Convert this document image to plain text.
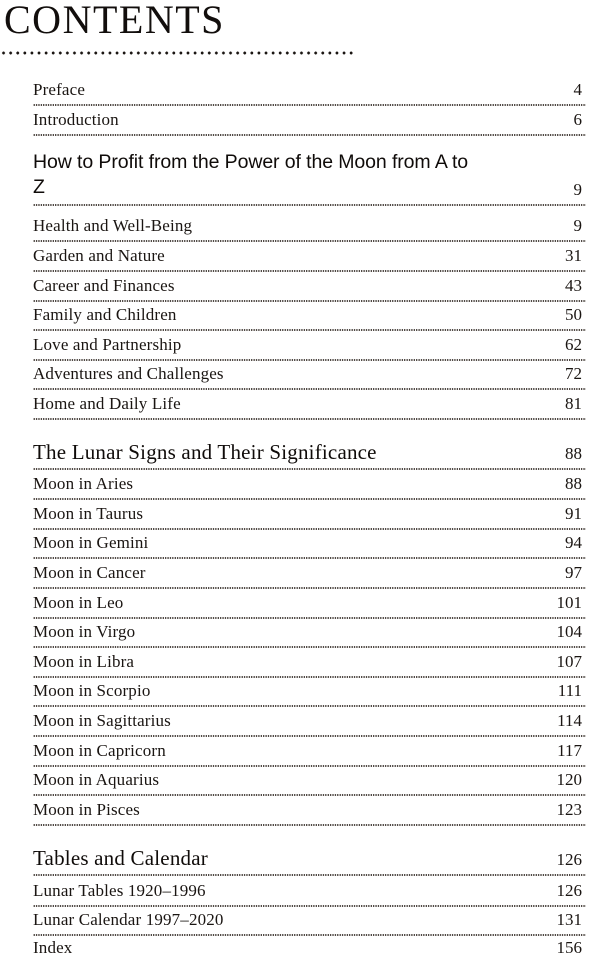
CONTENTS
Preface	4
Introduction	6
How to Profit from the Power of the Moon from A to Z	9
Health and Well-Being	9
Garden and Nature	31
Career and Finances	43
Family and Children	50
Love and Partnership	62
Adventures and Challenges	72
Home and Daily Life	81
The Lunar Signs and Their Significance	88
Moon in Aries	88
Moon in Taurus	91
Moon in Gemini	94
Moon in Cancer	97
Moon in Leo	101
Moon in Virgo	104
Moon in Libra	107
Moon in Scorpio	111
Moon in Sagittarius	114
Moon in Capricorn	117
Moon in Aquarius	120
Moon in Pisces	123
Tables and Calendar	126
Lunar Tables 1920–1996	126
Lunar Calendar 1997–2020	131
Index	156
